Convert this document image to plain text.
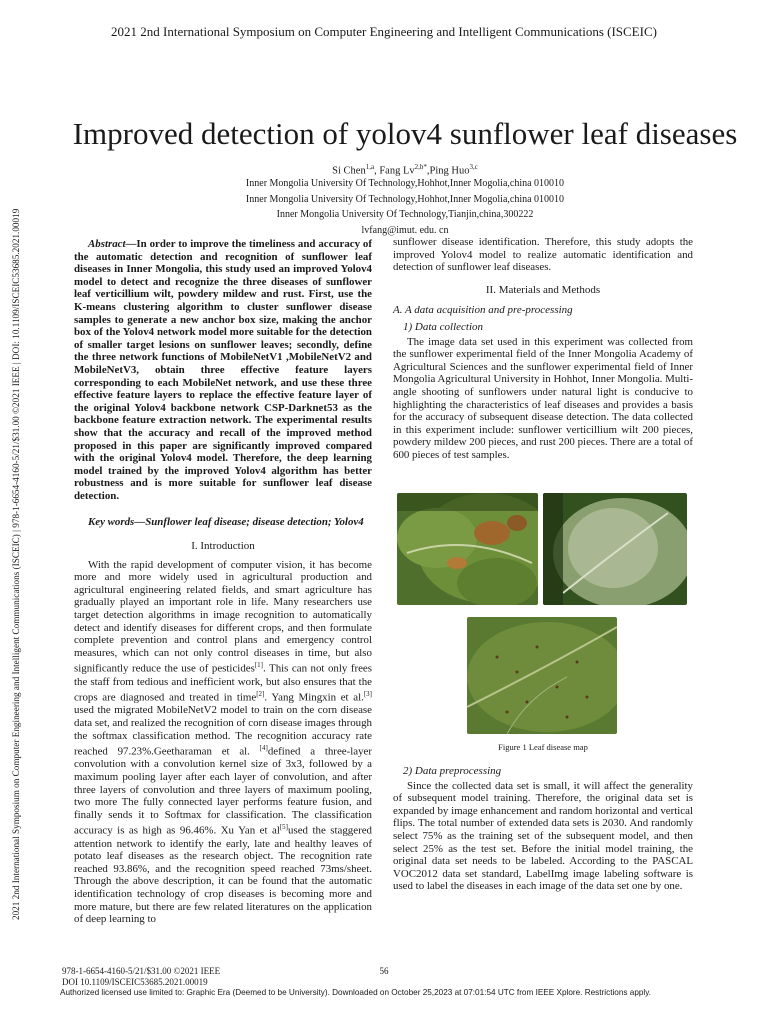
2021 2nd International Symposium on Computer Engineering and Intelligent Communications (ISCEIC)
2021 2nd International Symposium on Computer Engineering and Intelligent Communications (ISCEIC) | 978-1-6654-4160-5/21/$31.00 ©2021 IEEE | DOI: 10.1109/ISCEIC53685.2021.00019
Improved detection of yolov4 sunflower leaf diseases
Si Chen$^{1,a}$, Fang $Lv^{2,b*},Ping$ Huo$^{3,c}$
Inner Mongolia University Of Technology,Hohhot,Inner Mogolia,china 010010
Inner Mongolia University Of Technology,Hohhot,Inner Mogolia,china 010010
Inner Mongolia University Of Technology,Tianjin,china,300222
lvfang@imut. edu. cn

Abstract—In order to improve the timeliness and accuracy of the automatic detection and recognition of sunflower leaf diseases in Inner Mongolia, this study used an improved Yolov4 model to detect and recognize the three diseases of sunflower leaf verticillium wilt, powdery mildew and rust. First, use the K-means clustering algorithm to cluster sunflower disease samples to generate a new anchor box size, making the anchor box of the Yolov4 network model more suitable for the detection of smaller target lesions on sunflower leaves; secondly, define the three network functions of MobileNetV1 ,MobileNetV2 and MobileNetV3, obtain three effective feature layers corresponding to each MobileNet network, and use these three effective feature layers to replace the effective feature layer of the original Yolov4 backbone network CSP-Darknet53 as the backbone feature extraction network. The experimental results show that the accuracy and recall of the improved method proposed in this paper are significantly improved compared with the original Yolov4 model. Therefore, the deep learning model trained by the improved Yolov4 algorithm has better robustness and is more suitable for sunflower leaf disease detection.

Key words—Sunflower leaf disease; disease detection; Yolov4

I. Introduction

With the rapid development of computer vision, it has become more and more widely used in agricultural production and agricultural engineering related fields, and smart agriculture has gradually played an important role in life. Many researchers use target detection algorithms in image recognition to automatically detect and identify diseases for different crops, and then formulate complete prevention and control plans and emergency control measures, which can not only control diseases in time, but also significantly reduce the use of pesticides[1]. This can not only frees the staff from tedious and inefficient work, but also ensures that the crops are diagnosed and treated in time[2]. Yang Mingxin et al.[3] used the migrated MobileNetV2 model to train on the corn disease data set, and realized the recognition of corn disease images through the softmax classification method. The recognition accuracy rate reached 97.23%.Geetharaman et al. [4]defined a three-layer convolution with a convolution kernel size of 3x3, followed by a maximum pooling layer after each layer of convolution, and after three layers of convolution and three layers of maximum pooling, two more The fully connected layer performs feature fusion, and finally sends it to Softmax for classification. The classification accuracy is as high as 96.46%. Xu Yan et al[5]used the staggered attention network to identify the early, late and healthy leaves of potato leaf diseases as the research object. The recognition rate reached 93.86%, and the recognition speed reached 73ms/sheet. Through the above description, it can be found that the automatic identification technology of crop diseases is becoming more and more mature, but there are few related literatures on the application of deep learning to

sunflower disease identification. Therefore, this study adopts the improved Yolov4 model to realize automatic identification and detection of sunflower leaf diseases.

II. Materials and Methods

A. A data acquisition and pre-processing

1) Data collection

The image data set used in this experiment was collected from the sunflower experimental field of the Inner Mongolia Academy of Agricultural Sciences and the sunflower experimental field of Inner Mongolia Agricultural University in Hohhot, Inner Mongolia. Multi-angle shooting of sunflowers under natural light is conducive to highlighting the characteristics of leaf diseases and provides a basis for the accuracy of subsequent disease detection. The data collected in this experiment include: sunflower verticillium wilt 200 pieces, powdery mildew 200 pieces, and rust 200 pieces. There are a total of 600 pieces of test samples.

Figure 1 Leaf disease map

2) Data preprocessing

Since the collected data set is small, it will affect the generality of subsequent model training. Therefore, the original data set is expanded by image enhancement and random horizontal and vertical flips. The total number of extended data sets is 2030. And randomly select 75% as the training set of the subsequent model, and then select 25% as the test set. Before the initial model training, the original data set needs to be labeled. According to the PASCAL VOC2012 data set standard, LabelImg image labeling software is used to label the diseases in each image of the data set one by one.

978-1-6654-4160-5/21/$31.00 ©2021 IEEE
DOI 10.1109/ISCEIC53685.2021.00019
56
Authorized licensed use limited to: Graphic Era (Deemed to be University). Downloaded on October 25,2023 at 07:01:54 UTC from IEEE Xplore. Restrictions apply.
